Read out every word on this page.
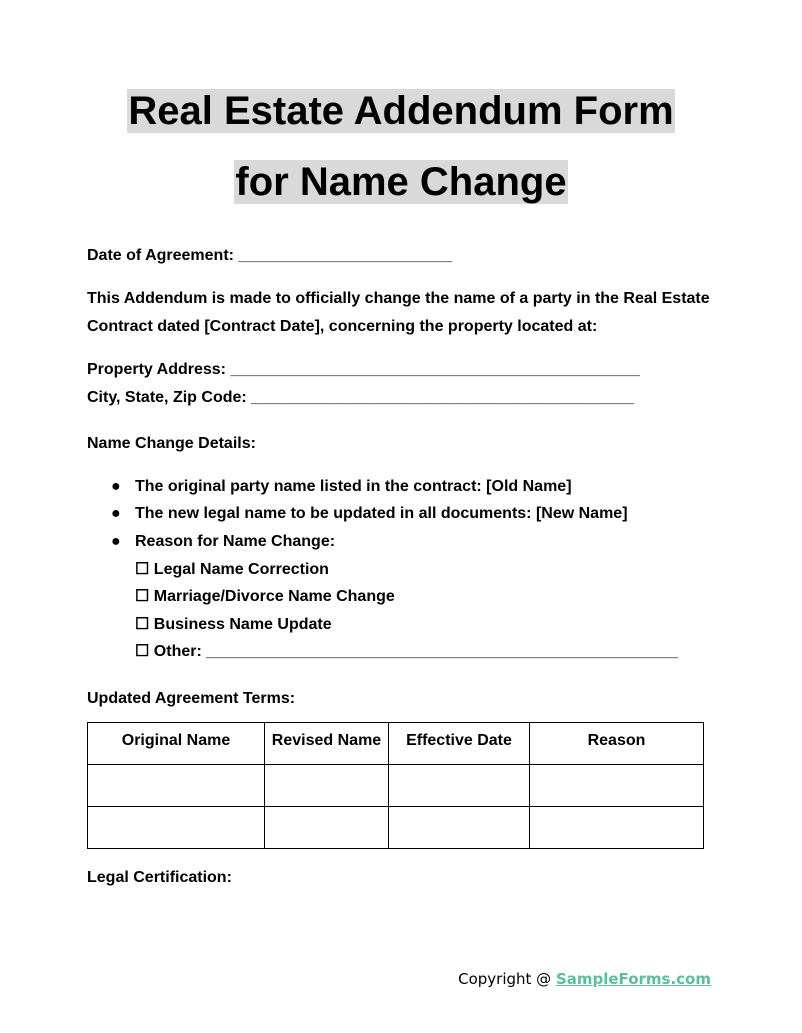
Real Estate Addendum Form
for Name Change
Date of Agreement: ________________________
This Addendum is made to officially change the name of a party in the Real Estate
Contract dated [Contract Date], concerning the property located at:
Property Address: ______________________________________________
City, State, Zip Code: ___________________________________________
Name Change Details:
● The original party name listed in the contract: [Old Name]
● The new legal name to be updated in all documents: [New Name]
● Reason for Name Change:
☐ Legal Name Correction
☐ Marriage/Divorce Name Change
☐ Business Name Update
☐ Other: _____________________________________________________
Updated Agreement Terms:
Original Name	Revised Name	Effective Date	Reason

Legal Certification:
Copyright @ SampleForms.com
